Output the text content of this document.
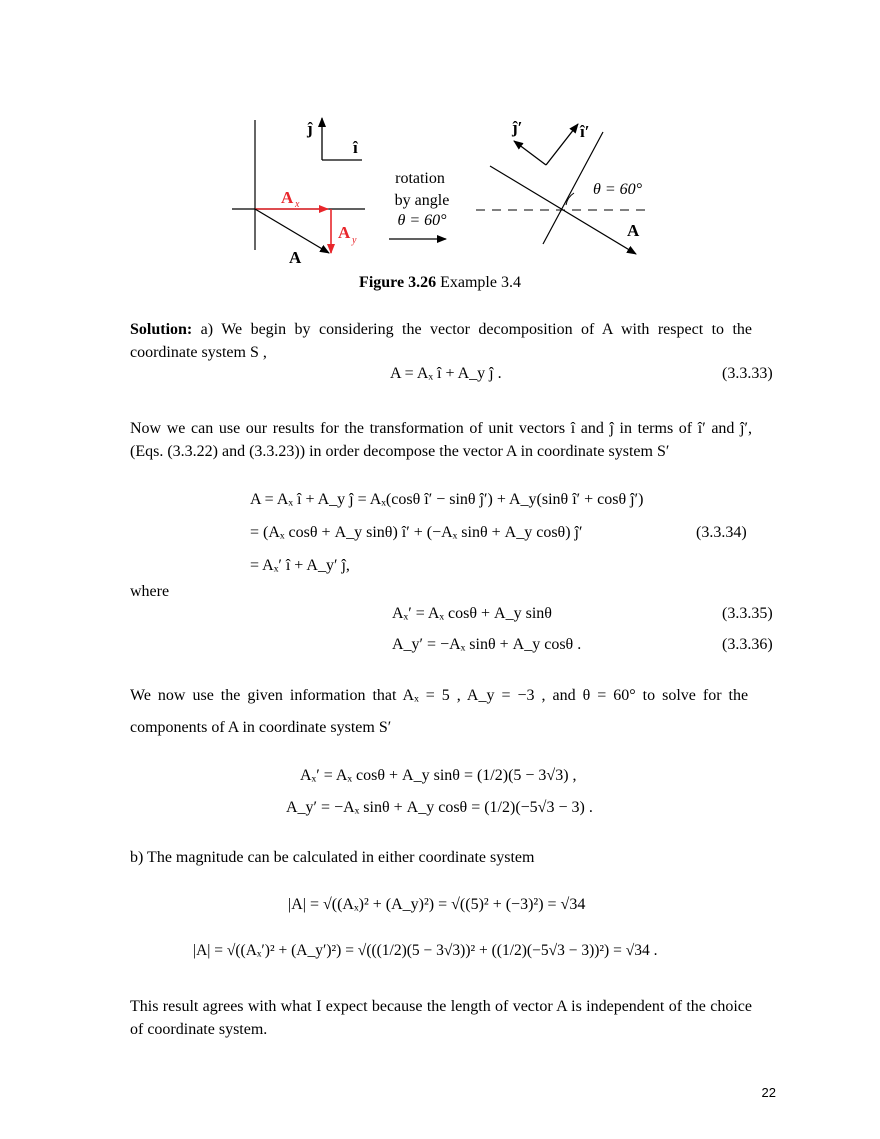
ĵ
î
A x
A y
A
rotation
by angle
θ = 60°
θ = 60°
A
î′
ĵ′
Figure 3.26 Example 3.4
Solution: a) We begin by considering the vector decomposition of A with respect to the coordinate system S ,
A = Aₓ î + A_y ĵ .	(3.3.33)
Now we can use our results for the transformation of unit vectors î and ĵ in terms of î′ and ĵ′, (Eqs. (3.3.22) and (3.3.23)) in order decompose the vector A in coordinate system S′
A = Aₓ î + A_y ĵ = Aₓ(cosθ î′ − sinθ ĵ′) + A_y(sinθ î′ + cosθ ĵ′)
= (Aₓ cosθ + A_y sinθ) î′ + (−Aₓ sinθ + A_y cosθ) ĵ′	(3.3.34)
= Aₓ′ î + A_y′ ĵ,
where
Aₓ′ = Aₓ cosθ + A_y sinθ	(3.3.35)
A_y′ = −Aₓ sinθ + A_y cosθ .	(3.3.36)
We now use the given information that Aₓ = 5 , A_y = −3 , and θ = 60° to solve for the
components of A in coordinate system S′
Aₓ′ = Aₓ cosθ + A_y sinθ = (1/2)(5 − 3√3) ,
A_y′ = −Aₓ sinθ + A_y cosθ = (1/2)(−5√3 − 3) .
b) The magnitude can be calculated in either coordinate system
|A| = √((Aₓ)² + (A_y)²) = √((5)² + (−3)²) = √34
|A| = √((Aₓ′)² + (A_y′)²) = √(((1/2)(5 − 3√3))² + ((1/2)(−5√3 − 3))²) = √34 .
This result agrees with what I expect because the length of vector A is independent of the choice of coordinate system.
22
